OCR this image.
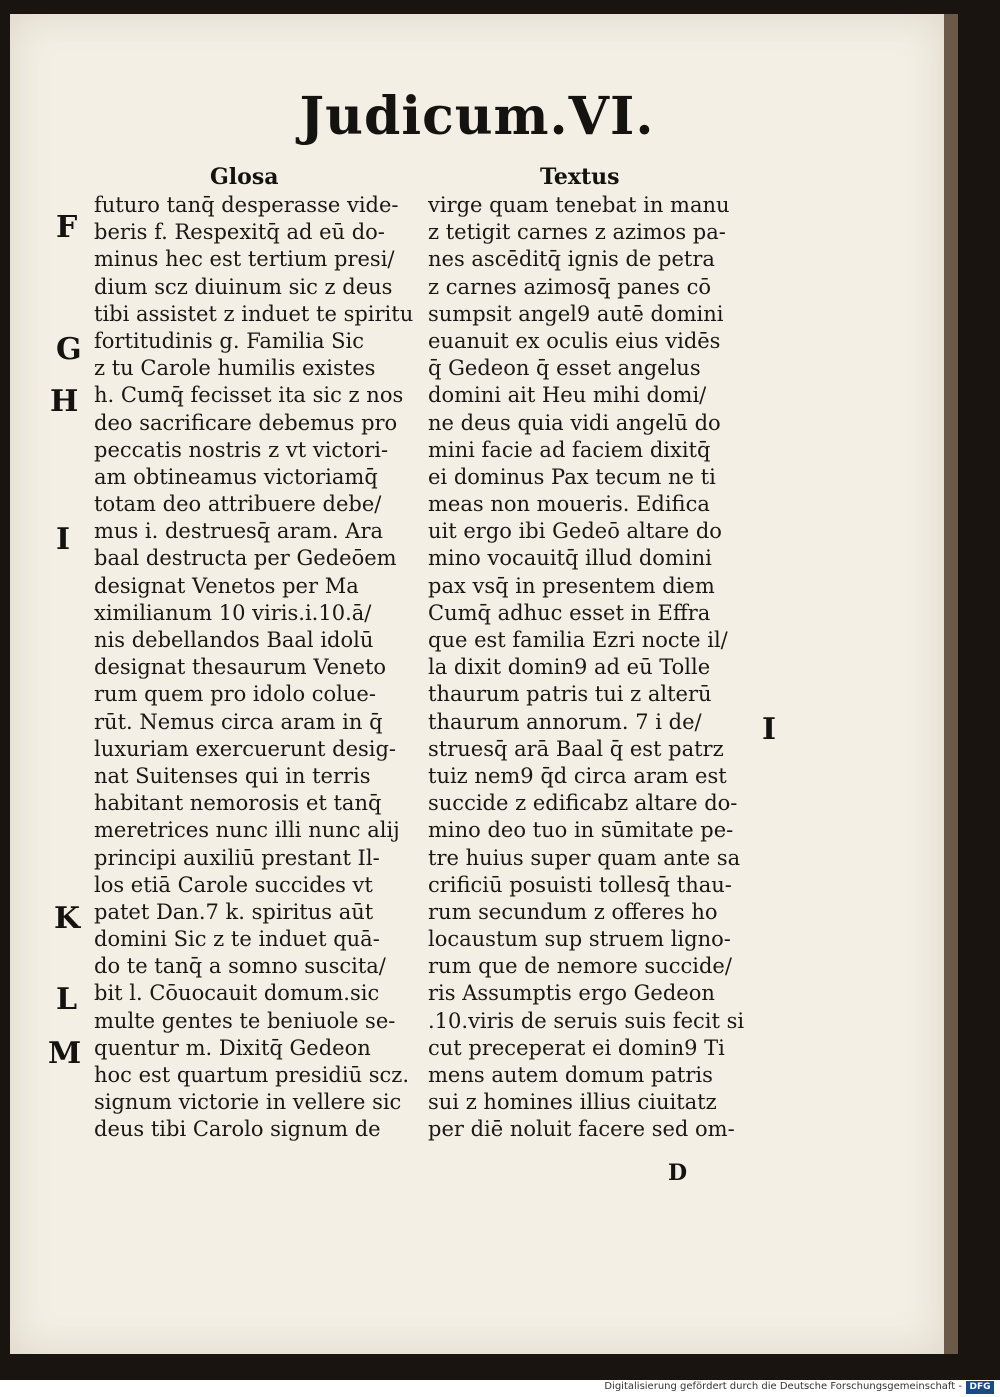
Judicum.VI.
Glosa	Textus
futuro tanq̄ desperasse vide-
beris f. Respexitq̄ ad eū do-
minus hec est tertium presi/
dium scz diuinum sic z deus
tibi assistet z induet te spiritu
fortitudinis g. Familia Sic
z tu Carole humilis existes
h. Cumq̄ fecisset ita sic z nos
deo sacrificare debemus pro
peccatis nostris z vt victori-
am obtineamus victoriamq̄
totam deo attribuere debe/
mus i. destruesq̄ aram. Ara
baal destructa per Gedeōem
designat Venetos per Ma
ximilianum 10 viris.i.10.ā/
nis debellandos Baal idolū
designat thesaurum Veneto
rum quem pro idolo colue-
rūt. Nemus circa aram in q̄
luxuriam exercuerunt desig-
nat Suitenses qui in terris
habitant nemorosis et tanq̄
meretrices nunc illi nunc alij
principi auxiliū prestant Il-
los etiā Carole succides vt
patet Dan.7 k. spiritus aūt
domini Sic z te induet quā-
do te tanq̄ a somno suscita/
bit l. Cōuocauit domum.sic
multe gentes te beniuole se-
quentur m. Dixitq̄ Gedeon
hoc est quartum presidiū scz.
signum victorie in vellere sic
deus tibi Carolo signum de
virge quam tenebat in manu
z tetigit carnes z azimos pa-
nes ascēditq̄ ignis de petra
z carnes azimosq̄ panes cō
sumpsit angel9 autē domini
euanuit ex oculis eius vidēs
q̄ Gedeon q̄ esset angelus
domini ait Heu mihi domi/
ne deus quia vidi angelū do
mini facie ad faciem dixitq̄
ei dominus Pax tecum ne ti
meas non moueris. Edifica
uit ergo ibi Gedeō altare do
mino vocauitq̄ illud domini
pax vsq̄ in presentem diem
Cumq̄ adhuc esset in Effra
que est familia Ezri nocte il/
la dixit domin9 ad eū Tolle
thaurum patris tui z alterū
thaurum annorum. 7 i de/
struesq̄ arā Baal q̄ est patrz
tuiz nem9 q̄d circa aram est
succide z edificabz altare do-
mino deo tuo in sūmitate pe-
tre huius super quam ante sa
crificiū posuisti tollesq̄ thau-
rum secundum z offeres ho
locaustum sup struem ligno-
rum que de nemore succide/
ris Assumptis ergo Gedeon
.10.viris de seruis suis fecit si
cut preceperat ei domin9 Ti
mens autem domum patris
sui z homines illius ciuitatz
per diē noluit facere sed om-
F
G
H
I
K
L
M
I
D
Digitalisierung gefördert durch die Deutsche Forschungsgemeinschaft - DFG
